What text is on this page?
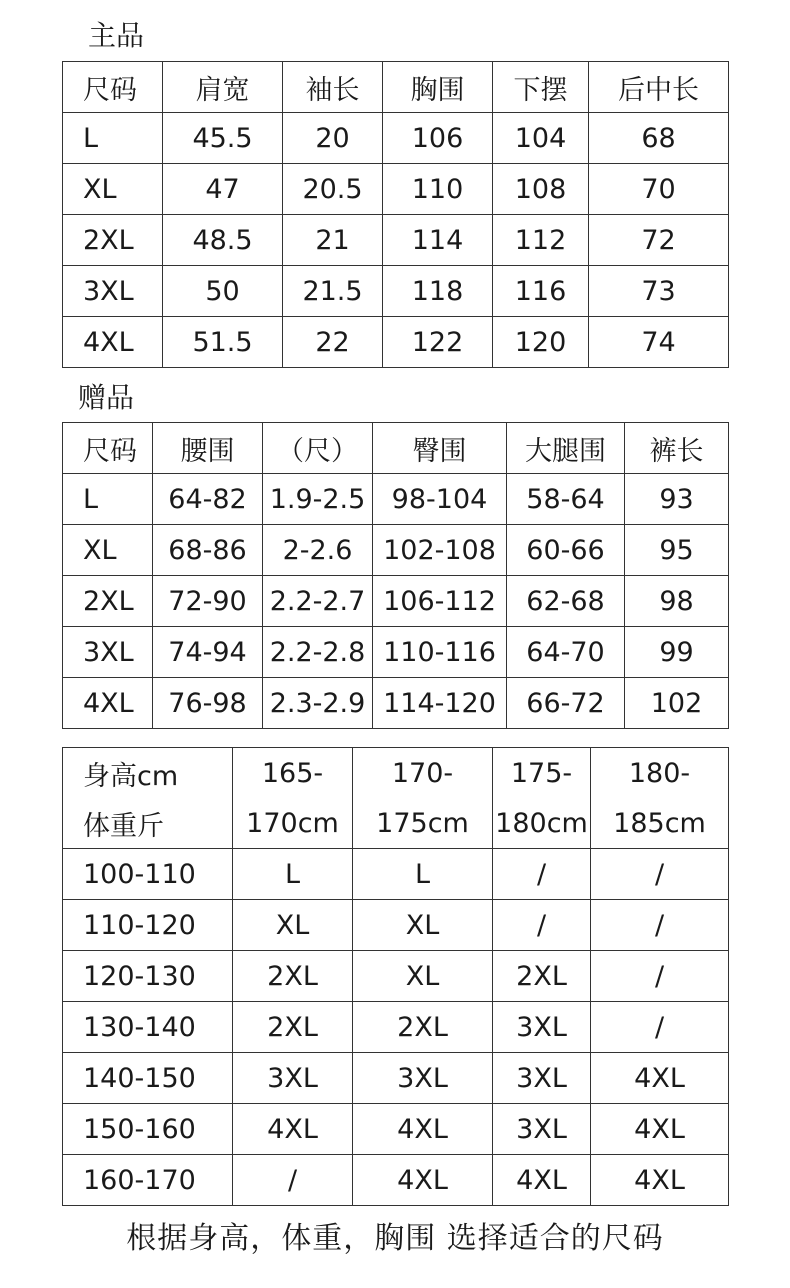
主品
尺码	肩宽	袖长	胸围	下摆	后中长
L	45.5	20	106	104	68
XL	47	20.5	110	108	70
2XL	48.5	21	114	112	72
3XL	50	21.5	118	116	73
4XL	51.5	22	122	120	74
赠品
尺码	腰围	（尺）	臀围	大腿围	裤长
L	64-82	1.9-2.5	98-104	58-64	93
XL	68-86	2-2.6	102-108	60-66	95
2XL	72-90	2.2-2.7	106-112	62-68	98
3XL	74-94	2.2-2.8	110-116	64-70	99
4XL	76-98	2.3-2.9	114-120	66-72	102
身高cm	165-	170-	175-	180-
体重斤	170cm	175cm	180cm	185cm
100-110	L	L	/	/
110-120	XL	XL	/	/
120-130	2XL	XL	2XL	/
130-140	2XL	2XL	3XL	/
140-150	3XL	3XL	3XL	4XL
150-160	4XL	4XL	3XL	4XL
160-170	/	4XL	4XL	4XL
根据身高，体重，胸围 选择适合的尺码
